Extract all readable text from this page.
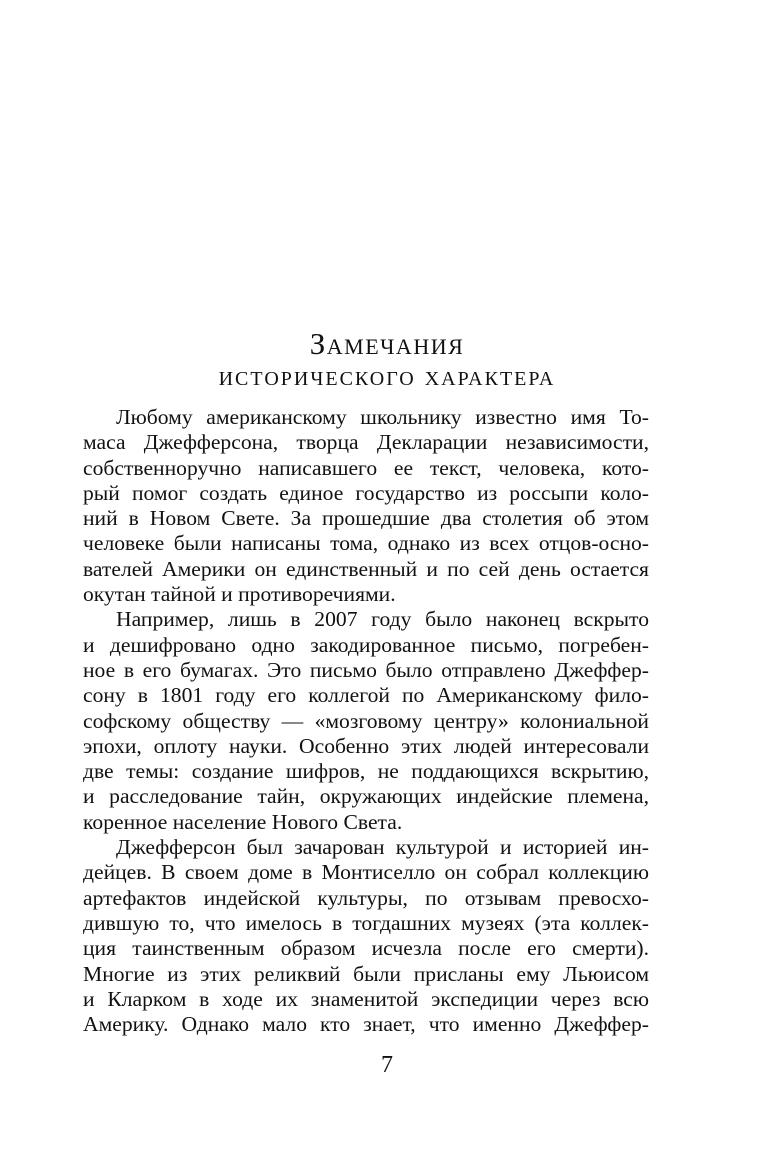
Замечания
исторического характера
Любому американскому школьнику известно имя То-
маса Джефферсона, творца Декларации независимости,
собственноручно написавшего ее текст, человека, кото-
рый помог создать единое государство из россыпи коло-
ний в Новом Свете. За прошедшие два столетия об этом
человеке были написаны тома, однако из всех отцов-осно-
вателей Америки он единственный и по сей день остается
окутан тайной и противоречиями.
Например, лишь в 2007 году было наконец вскрыто
и дешифровано одно закодированное письмо, погребен-
ное в его бумагах. Это письмо было отправлено Джеффер-
сону в 1801 году его коллегой по Американскому фило-
софскому обществу — «мозговому центру» колониальной
эпохи, оплоту науки. Особенно этих людей интересовали
две темы: создание шифров, не поддающихся вскрытию,
и расследование тайн, окружающих индейские племена,
коренное население Нового Света.
Джефферсон был зачарован культурой и историей ин-
дейцев. В своем доме в Монтиселло он собрал коллекцию
артефактов индейской культуры, по отзывам превосхо-
дившую то, что имелось в тогдашних музеях (эта коллек-
ция таинственным образом исчезла после его смерти).
Многие из этих реликвий были присланы ему Льюисом
и Кларком в ходе их знаменитой экспедиции через всю
Америку. Однако мало кто знает, что именно Джеффер-
7
